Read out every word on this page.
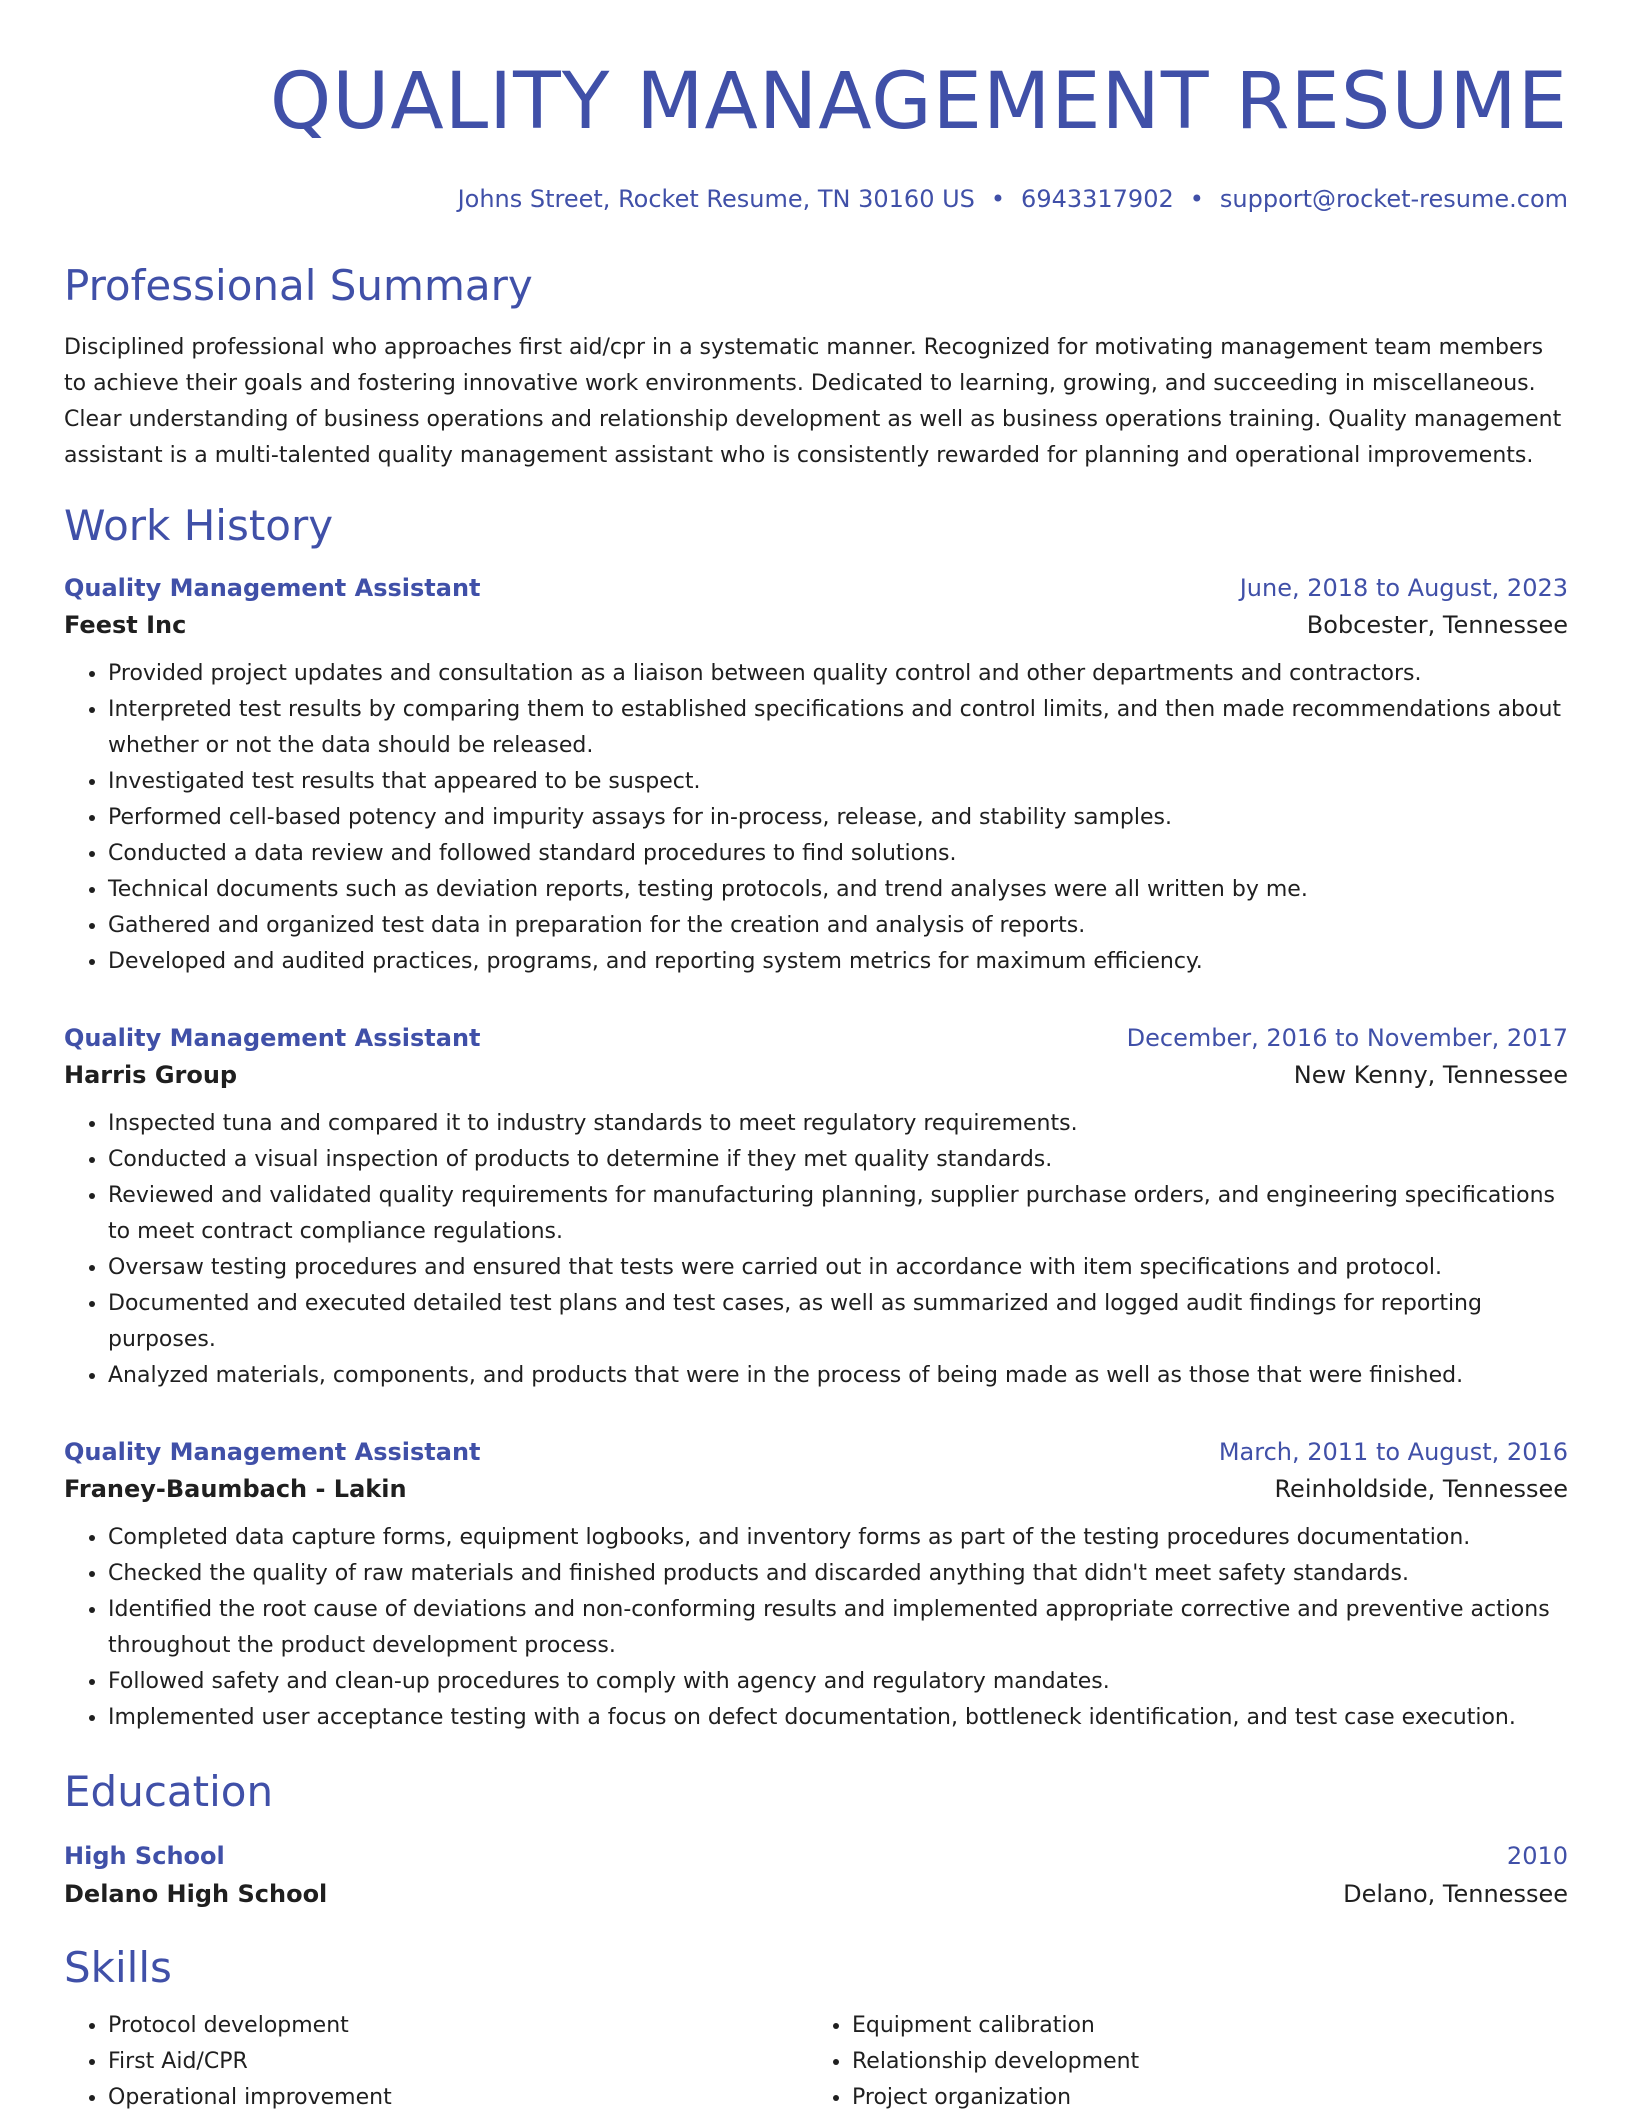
QUALITY MANAGEMENT RESUME
Johns Street, Rocket Resume, TN 30160 US • 6943317902 • support@rocket-resume.com
Professional Summary
Disciplined professional who approaches first aid/cpr in a systematic manner. Recognized for motivating management team members to achieve their goals and fostering innovative work environments. Dedicated to learning, growing, and succeeding in miscellaneous. Clear understanding of business operations and relationship development as well as business operations training. Quality management assistant is a multi-talented quality management assistant who is consistently rewarded for planning and operational improvements.
Work History
Quality Management Assistant	June, 2018 to August, 2023
Feest Inc	Bobcester, Tennessee
• Provided project updates and consultation as a liaison between quality control and other departments and contractors.
• Interpreted test results by comparing them to established specifications and control limits, and then made recommendations about whether or not the data should be released.
• Investigated test results that appeared to be suspect.
• Performed cell-based potency and impurity assays for in-process, release, and stability samples.
• Conducted a data review and followed standard procedures to find solutions.
• Technical documents such as deviation reports, testing protocols, and trend analyses were all written by me.
• Gathered and organized test data in preparation for the creation and analysis of reports.
• Developed and audited practices, programs, and reporting system metrics for maximum efficiency.
Quality Management Assistant	December, 2016 to November, 2017
Harris Group	New Kenny, Tennessee
• Inspected tuna and compared it to industry standards to meet regulatory requirements.
• Conducted a visual inspection of products to determine if they met quality standards.
• Reviewed and validated quality requirements for manufacturing planning, supplier purchase orders, and engineering specifications to meet contract compliance regulations.
• Oversaw testing procedures and ensured that tests were carried out in accordance with item specifications and protocol.
• Documented and executed detailed test plans and test cases, as well as summarized and logged audit findings for reporting purposes.
• Analyzed materials, components, and products that were in the process of being made as well as those that were finished.
Quality Management Assistant	March, 2011 to August, 2016
Franey-Baumbach - Lakin	Reinholdside, Tennessee
• Completed data capture forms, equipment logbooks, and inventory forms as part of the testing procedures documentation.
• Checked the quality of raw materials and finished products and discarded anything that didn't meet safety standards.
• Identified the root cause of deviations and non-conforming results and implemented appropriate corrective and preventive actions throughout the product development process.
• Followed safety and clean-up procedures to comply with agency and regulatory mandates.
• Implemented user acceptance testing with a focus on defect documentation, bottleneck identification, and test case execution.
Education
High School	2010
Delano High School	Delano, Tennessee
Skills
• Protocol development
• First Aid/CPR
• Operational improvement
• Equipment calibration
• Relationship development
• Project organization
